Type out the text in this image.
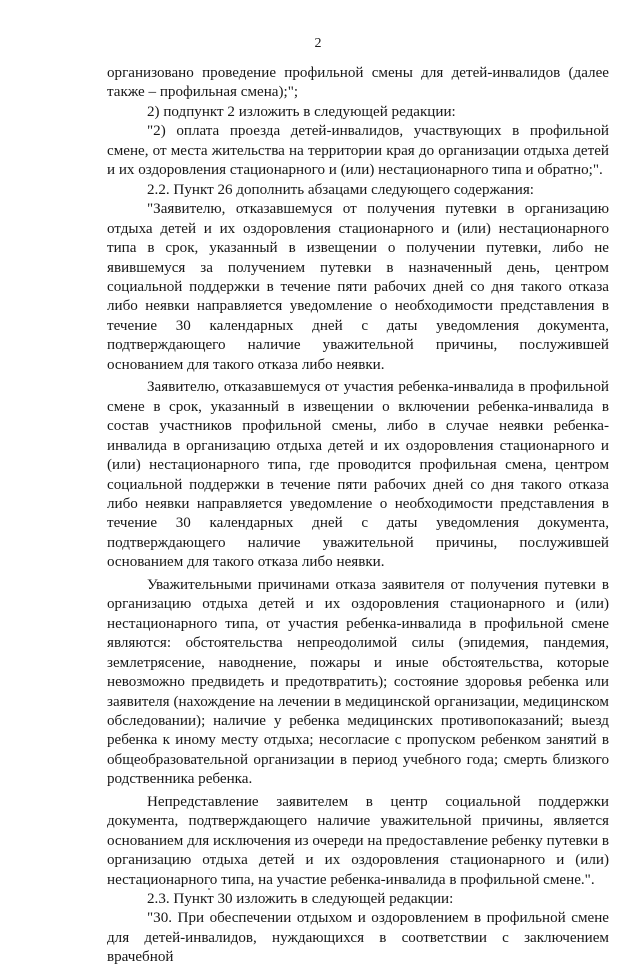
2

организовано проведение профильной смены для детей-инвалидов (далее также – профильная смена);";

2) подпункт 2 изложить в следующей редакции:

"2) оплата проезда детей-инвалидов, участвующих в профильной смене, от места жительства на территории края до организации отдыха детей и их оздоровления стационарного и (или) нестационарного типа и обратно;".

2.2. Пункт 26 дополнить абзацами следующего содержания:

"Заявителю, отказавшемуся от получения путевки в организацию отдыха детей и их оздоровления стационарного и (или) нестационарного типа в срок, указанный в извещении о получении путевки, либо не явившемуся за получением путевки в назначенный день, центром социальной поддержки в течение пяти рабочих дней со дня такого отказа либо неявки направляется уведомление о необходимости представления в течение 30 календарных дней с даты уведомления документа, подтверждающего наличие уважительной причины, послужившей основанием для такого отказа либо неявки.

Заявителю, отказавшемуся от участия ребенка-инвалида в профильной смене в срок, указанный в извещении о включении ребенка-инвалида в состав участников профильной смены, либо в случае неявки ребенка-инвалида в организацию отдыха детей и их оздоровления стационарного и (или) нестационарного типа, где проводится профильная смена, центром социальной поддержки в течение пяти рабочих дней со дня такого отказа либо неявки направляется уведомление о необходимости представления в течение 30 календарных дней с даты уведомления документа, подтверждающего наличие уважительной причины, послужившей основанием для такого отказа либо неявки.

Уважительными причинами отказа заявителя от получения путевки в организацию отдыха детей и их оздоровления стационарного и (или) нестационарного типа, от участия ребенка-инвалида в профильной смене являются: обстоятельства непреодолимой силы (эпидемия, пандемия, землетрясение, наводнение, пожары и иные обстоятельства, которые невозможно предвидеть и предотвратить); состояние здоровья ребенка или заявителя (нахождение на лечении в медицинской организации, медицинском обследовании); наличие у ребенка медицинских противопоказаний; выезд ребенка к иному месту отдыха; несогласие с пропуском ребенком занятий в общеобразовательной организации в период учебного года; смерть близкого родственника ребенка.

Непредставление заявителем в центр социальной поддержки документа, подтверждающего наличие уважительной причины, является основанием для исключения из очереди на предоставление ребенку путевки в организацию отдыха детей и их оздоровления стационарного и (или) нестационарного типа, на участие ребенка-инвалида в профильной смене.".

2.3. Пункт 30 изложить в следующей редакции:

"30. При обеспечении отдыхом и оздоровлением в профильной смене для детей-инвалидов, нуждающихся в соответствии с заключением врачебной
